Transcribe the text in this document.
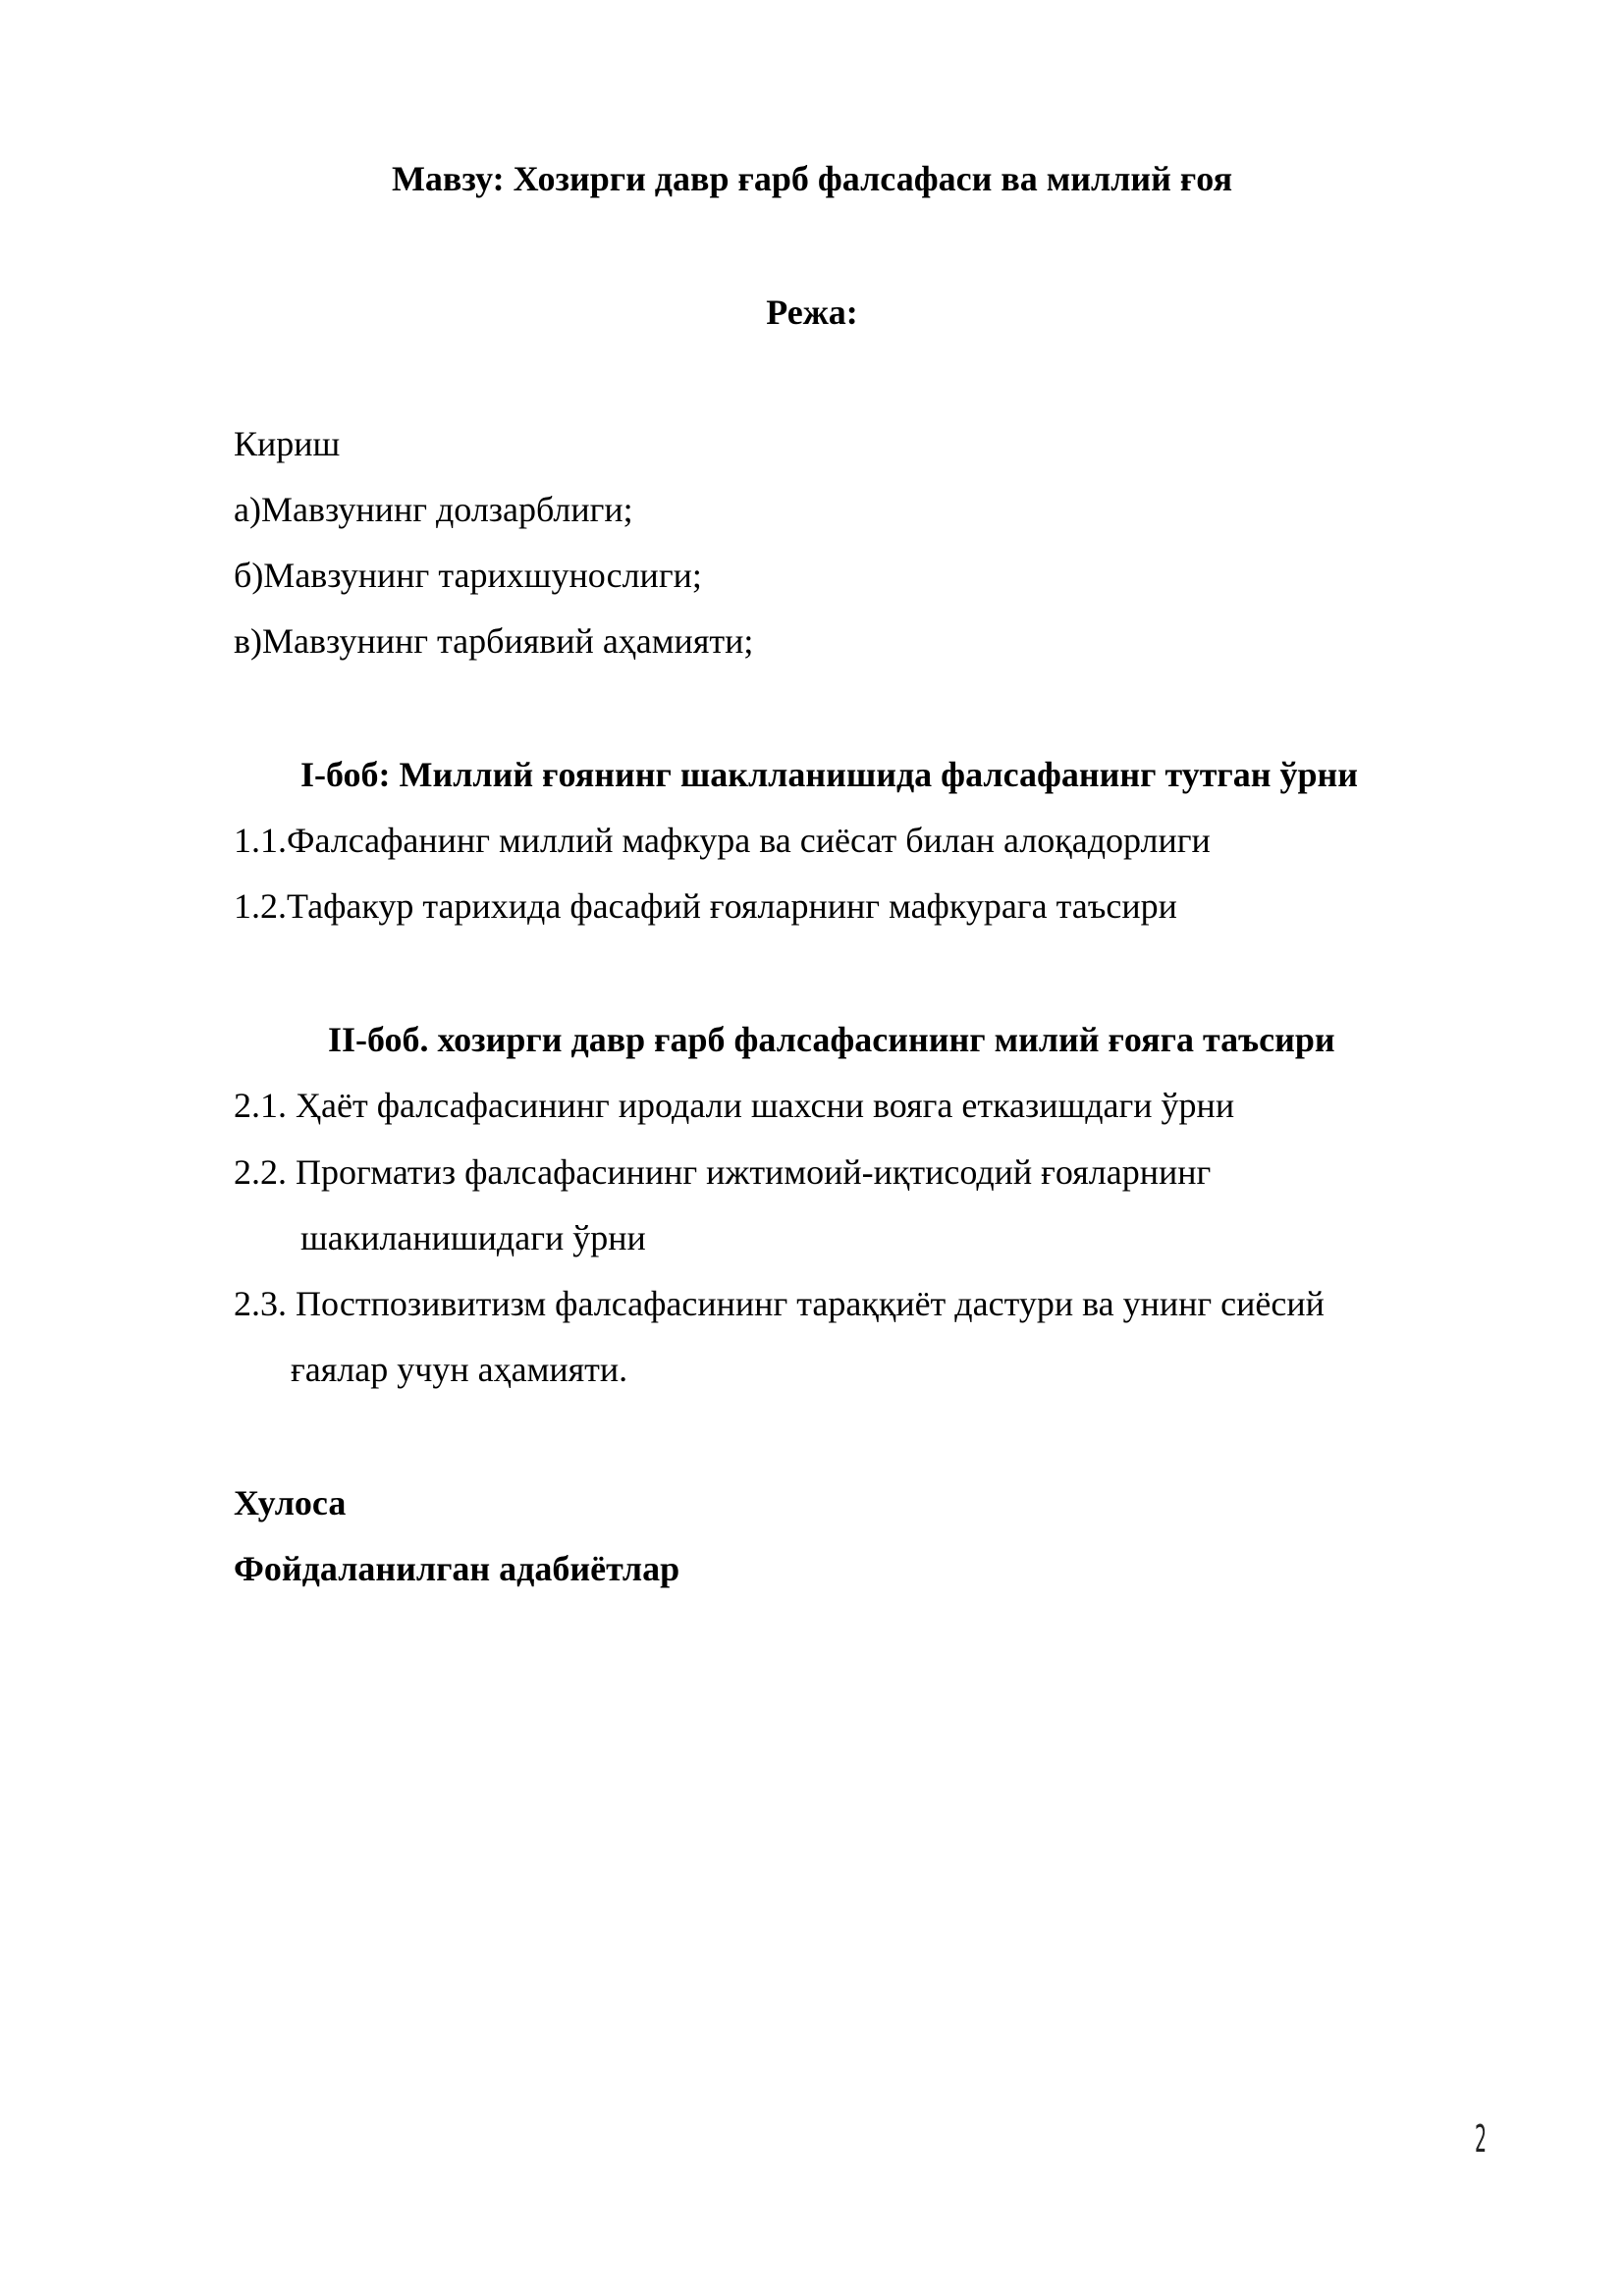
Мавзу: Хозирги давр ғарб фалсафаси ва миллий ғоя
Режа:
Кириш
а)Мавзунинг долзарблиги;
б)Мавзунинг тарихшунослиги;
в)Мавзунинг тарбиявий аҳамияти;
I-боб: Миллий ғоянинг шаклланишида фалсафанинг тутган ўрни
1.1.Фалсафанинг миллий мафкура ва сиёсат билан алоқадорлиги
1.2.Тафакур тарихида фасафий ғояларнинг мафкурага таъсири
II-боб. хозирги давр ғарб фалсафасининг милий ғояга таъсири
2.1. Ҳаёт фалсафасининг иродали шахсни вояга етказишдаги ўрни
2.2. Прогматиз фалсафасининг ижтимоий-иқтисодий ғояларнинг
шакиланишидаги ўрни
2.3. Постпозивитизм фалсафасининг тараққиёт дастури ва унинг сиёсий
ғаялар учун аҳамияти.
Хулоса
Фойдаланилган адабиётлар
2
